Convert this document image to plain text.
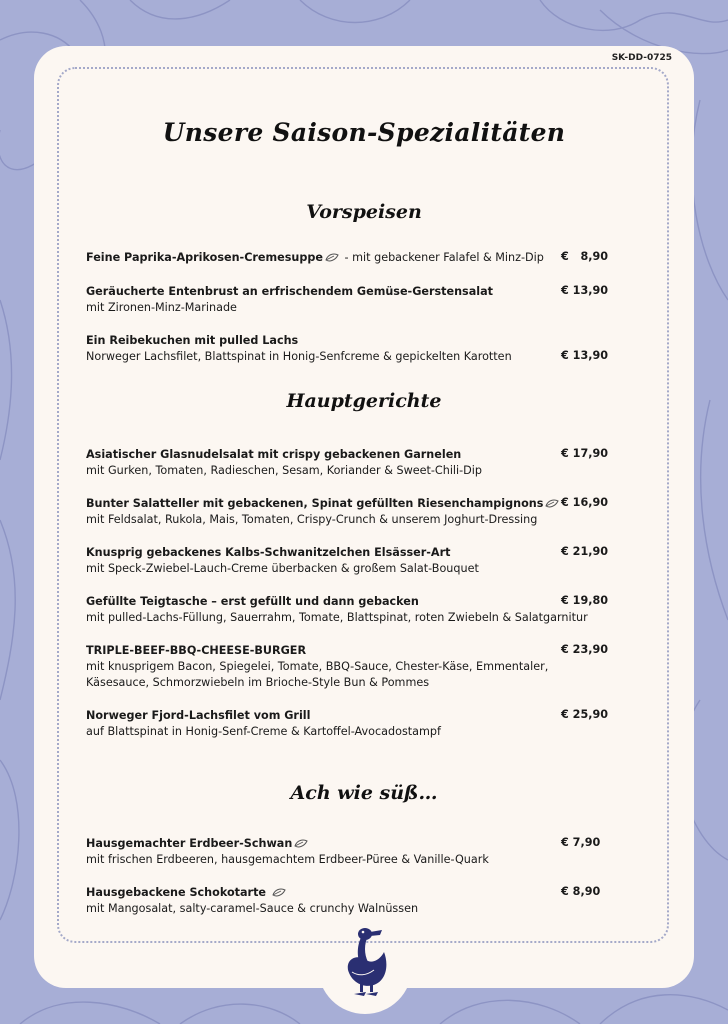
SK-DD-0725
Unsere Saison-Spezialitäten
Vorspeisen
Feine Paprika-Aprikosen-Cremesuppe - mit gebackener Falafel & Minz-Dip	€   8,90
Geräucherte Entenbrust an erfrischendem Gemüse-Gerstensalat
mit Zironen-Minz-Marinade
€ 13,90
Ein Reibekuchen mit pulled Lachs
Norweger Lachsfilet, Blattspinat in Honig-Senfcreme & gepickelten Karotten	€ 13,90
Hauptgerichte
Asiatischer Glasnudelsalat mit crispy gebackenen Garnelen
mit Gurken, Tomaten, Radieschen, Sesam, Koriander & Sweet-Chili-Dip
€ 17,90
Bunter Salatteller mit gebackenen, Spinat gefüllten Riesenchampignons
mit Feldsalat, Rukola, Mais, Tomaten, Crispy-Crunch & unserem Joghurt-Dressing
€ 16,90
Knusprig gebackenes Kalbs-Schwanitzelchen Elsässer-Art
mit Speck-Zwiebel-Lauch-Creme überbacken & großem Salat-Bouquet
€ 21,90
Gefüllte Teigtasche – erst gefüllt und dann gebacken
mit pulled-Lachs-Füllung, Sauerrahm, Tomate, Blattspinat, roten Zwiebeln & Salatgarnitur
€ 19,80
TRIPLE-BEEF-BBQ-CHEESE-BURGER
mit knusprigem Bacon, Spiegelei, Tomate, BBQ-Sauce, Chester-Käse, Emmentaler,
Käsesauce, Schmorzwiebeln im Brioche-Style Bun & Pommes
€ 23,90
Norweger Fjord-Lachsfilet vom Grill
auf Blattspinat in Honig-Senf-Creme & Kartoffel-Avocadostampf
€ 25,90
Ach wie süß…
Hausgemachter Erdbeer-Schwan
mit frischen Erdbeeren, hausgemachtem Erdbeer-Püree & Vanille-Quark
€ 7,90
Hausgebackene Schokotarte
mit Mangosalat, salty-caramel-Sauce & crunchy Walnüssen
€ 8,90
